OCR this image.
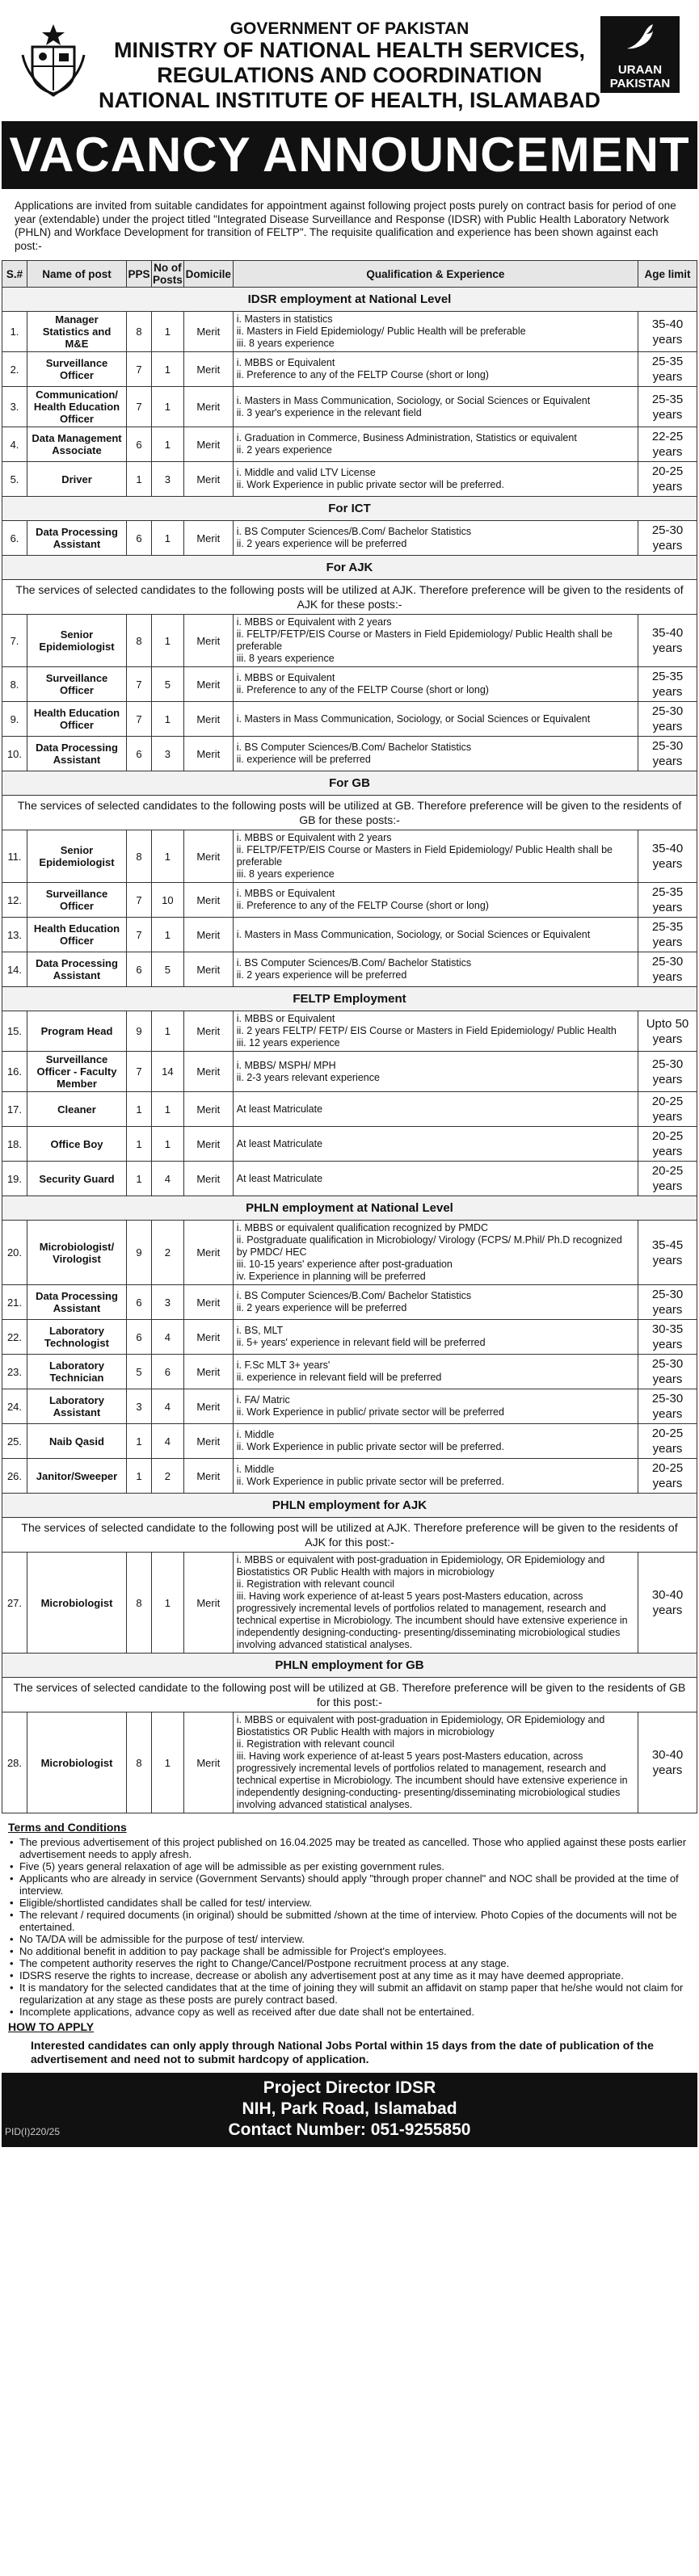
GOVERNMENT OF PAKISTAN
MINISTRY OF NATIONAL HEALTH SERVICES,
REGULATIONS AND COORDINATION
NATIONAL INSTITUTE OF HEALTH, ISLAMABAD
URAAN PAKISTAN
VACANCY ANNOUNCEMENT
Applications are invited from suitable candidates for appointment against following project posts purely on contract basis for period of one year (extendable) under the project titled "Integrated Disease Surveillance and Response (IDSR) with Public Health Laboratory Network (PHLN) and Workface Development for transition of FELTP". The requisite qualification and experience has been shown against each post:-
S.#	Name of post	PPS	No of Posts	Domicile	Qualification & Experience	Age limit
IDSR employment at National Level						
1.	Manager Statistics and M&E	8	1	Merit	i. Masters in statistics
ii. Masters in Field Epidemiology/ Public Health will be preferable
iii. 8 years experience	35-40 years
2.	Surveillance Officer	7	1	Merit	i. MBBS or Equivalent
ii. Preference to any of the FELTP Course (short or long)	25-35 years
3.	Communication/ Health Education Officer	7	1	Merit	i. Masters in Mass Communication, Sociology, or Social Sciences or Equivalent
ii. 3 year's experience in the relevant field	25-35 years
4.	Data Management Associate	6	1	Merit	i. Graduation in Commerce, Business Administration, Statistics or equivalent
ii. 2 years experience	22-25 years
5.	Driver	1	3	Merit	i. Middle and valid LTV License
ii. Work Experience in public private sector will be preferred.	20-25 years
For ICT						
6.	Data Processing Assistant	6	1	Merit	i. BS Computer Sciences/B.Com/ Bachelor Statistics
ii. 2 years experience will be preferred	25-30 years
For AJK						
The services of selected candidates to the following posts will be utilized at AJK. Therefore preference will be given to the residents of AJK for these posts:-						
7.	Senior Epidemiologist	8	1	Merit	i. MBBS or Equivalent with 2 years
ii. FELTP/FETP/EIS Course or Masters in Field Epidemiology/ Public Health shall be preferable
iii. 8 years experience	35-40 years
8.	Surveillance Officer	7	5	Merit	i. MBBS or Equivalent
ii. Preference to any of the FELTP Course (short or long)	25-35 years
9.	Health Education Officer	7	1	Merit	i. Masters in Mass Communication, Sociology, or Social Sciences or Equivalent	25-30 years
10.	Data Processing Assistant	6	3	Merit	i. BS Computer Sciences/B.Com/ Bachelor Statistics
ii. experience will be preferred	25-30 years
For GB						
The services of selected candidates to the following posts will be utilized at GB. Therefore preference will be given to the residents of GB for these posts:-						
11.	Senior Epidemiologist	8	1	Merit	i. MBBS or Equivalent with 2 years
ii. FELTP/FETP/EIS Course or Masters in Field Epidemiology/ Public Health shall be preferable
iii. 8 years experience	35-40 years
12.	Surveillance Officer	7	10	Merit	i. MBBS or Equivalent
ii. Preference to any of the FELTP Course (short or long)	25-35 years
13.	Health Education Officer	7	1	Merit	i. Masters in Mass Communication, Sociology, or Social Sciences or Equivalent	25-35 years
14.	Data Processing Assistant	6	5	Merit	i. BS Computer Sciences/B.Com/ Bachelor Statistics
ii. 2 years experience will be preferred	25-30 years
FELTP Employment						
15.	Program Head	9	1	Merit	i. MBBS or Equivalent
ii. 2 years FELTP/ FETP/ EIS Course or Masters in Field Epidemiology/ Public Health
iii. 12 years experience	Upto 50 years
16.	Surveillance Officer - Faculty Member	7	14	Merit	i. MBBS/ MSPH/ MPH
ii. 2-3 years relevant experience	25-30 years
17.	Cleaner	1	1	Merit	At least Matriculate	20-25 years
18.	Office Boy	1	1	Merit	At least Matriculate	20-25 years
19.	Security Guard	1	4	Merit	At least Matriculate	20-25 years
PHLN employment at National Level						
20.	Microbiologist/ Virologist	9	2	Merit	i. MBBS or equivalent qualification recognized by PMDC
ii. Postgraduate qualification in Microbiology/ Virology (FCPS/ M.Phil/ Ph.D recognized by PMDC/ HEC
iii. 10-15 years' experience after post-graduation
iv. Experience in planning will be preferred	35-45 years
21.	Data Processing Assistant	6	3	Merit	i. BS Computer Sciences/B.Com/ Bachelor Statistics
ii. 2 years experience will be preferred	25-30 years
22.	Laboratory Technologist	6	4	Merit	i. BS, MLT
ii. 5+ years' experience in relevant field will be preferred	30-35 years
23.	Laboratory Technician	5	6	Merit	i. F.Sc MLT 3+ years'
ii. experience in relevant field will be preferred	25-30 years
24.	Laboratory Assistant	3	4	Merit	i. FA/ Matric
ii. Work Experience in public/ private sector will be preferred	25-30 years
25.	Naib Qasid	1	4	Merit	i. Middle
ii. Work Experience in public private sector will be preferred.	20-25 years
26.	Janitor/Sweeper	1	2	Merit	i. Middle
ii. Work Experience in public private sector will be preferred.	20-25 years
PHLN employment for AJK						
The services of selected candidate to the following post will be utilized at AJK. Therefore preference will be given to the residents of AJK for this post:-						
27.	Microbiologist	8	1	Merit	i. MBBS or equivalent with post-graduation in Epidemiology, OR Epidemiology and Biostatistics OR Public Health with majors in microbiology
ii. Registration with relevant council
iii. Having work experience of at-least 5 years post-Masters education, across progressively incremental levels of portfolios related to management, research and technical expertise in Microbiology. The incumbent should have extensive experience in independently designing-conducting- presenting/disseminating microbiological studies involving advanced statistical analyses.	30-40 years
PHLN employment for GB						
The services of selected candidate to the following post will be utilized at GB. Therefore preference will be given to the residents of GB for this post:-						
28.	Microbiologist	8	1	Merit	i. MBBS or equivalent with post-graduation in Epidemiology, OR Epidemiology and Biostatistics OR Public Health with majors in microbiology
ii. Registration with relevant council
iii. Having work experience of at-least 5 years post-Masters education, across progressively incremental levels of portfolios related to management, research and technical expertise in Microbiology. The incumbent should have extensive experience in independently designing-conducting- presenting/disseminating microbiological studies involving advanced statistical analyses.	30-40 years
Terms and Conditions
• The previous advertisement of this project published on 16.04.2025 may be treated as cancelled. Those who applied against these posts earlier advertisement needs to apply afresh.
• Five (5) years general relaxation of age will be admissible as per existing government rules.
• Applicants who are already in service (Government Servants) should apply "through proper channel" and NOC shall be provided at the time of interview.
• Eligible/shortlisted candidates shall be called for test/ interview.
• The relevant / required documents (in original) should be submitted /shown at the time of interview. Photo Copies of the documents will not be entertained.
• No TA/DA will be admissible for the purpose of test/ interview.
• No additional benefit in addition to pay package shall be admissible for Project's employees.
• The competent authority reserves the right to Change/Cancel/Postpone recruitment process at any stage.
• IDSRS reserve the rights to increase, decrease or abolish any advertisement post at any time as it may have deemed appropriate.
• It is mandatory for the selected candidates that at the time of joining they will submit an affidavit on stamp paper that he/she would not claim for regularization at any stage as these posts are purely contract based.
• Incomplete applications, advance copy as well as received after due date shall not be entertained.
HOW TO APPLY
Interested candidates can only apply through National Jobs Portal within 15 days from the date of publication of the advertisement and need not to submit hardcopy of application.
Project Director IDSR
NIH, Park Road, Islamabad
Contact Number: 051-9255850
PID(I)220/25
